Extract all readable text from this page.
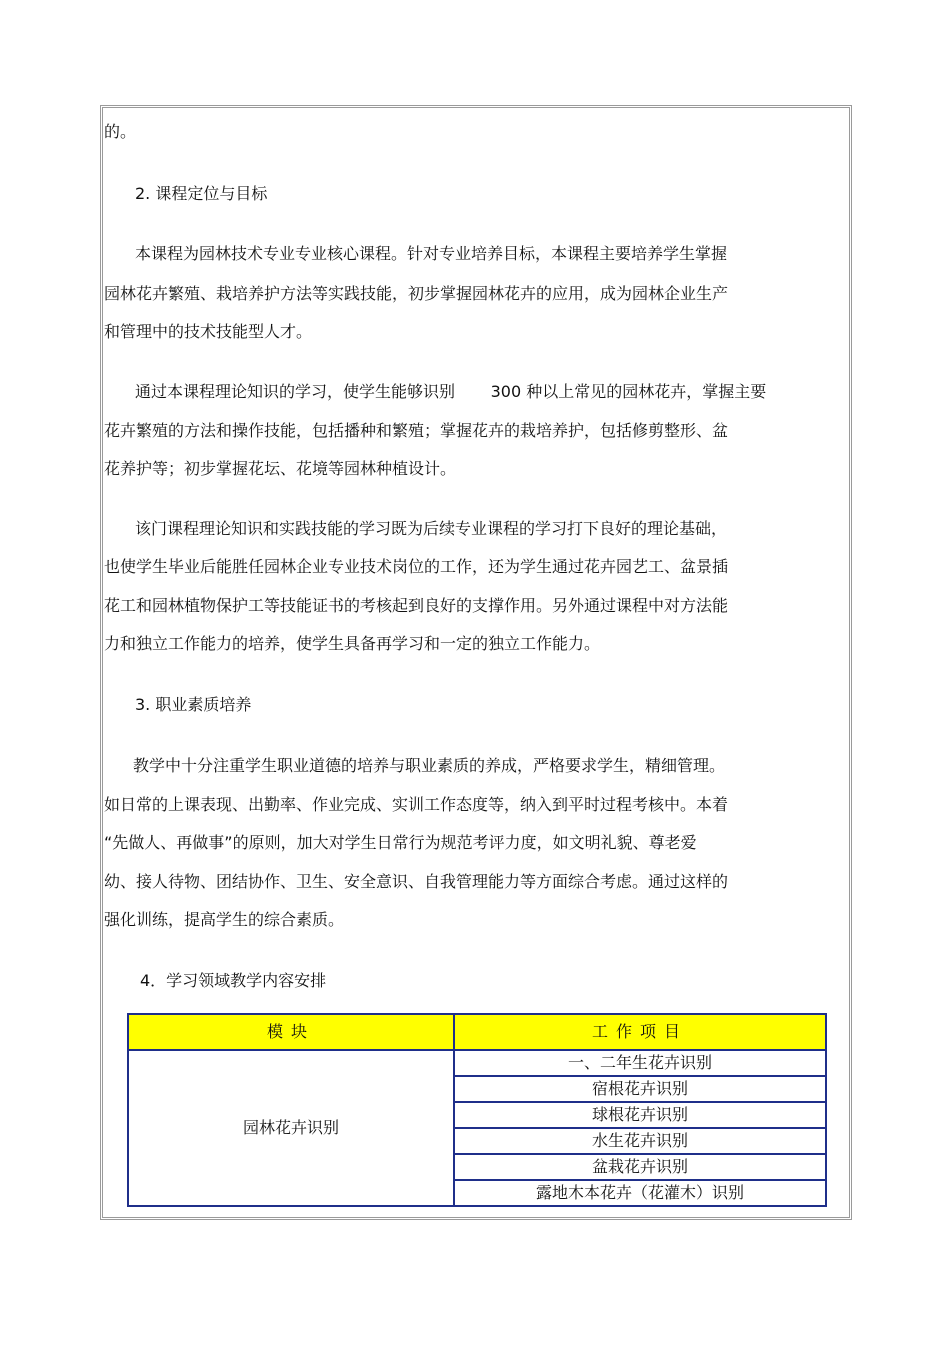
的。
2. 课程定位与目标
本课程为园林技术专业专业核心课程。针对专业培养目标，本课程主要培养学生掌握
园林花卉繁殖、栽培养护方法等实践技能，初步掌握园林花卉的应用，成为园林企业生产
和管理中的技术技能型人才。
通过本课程理论知识的学习，使学生能够识别       300 种以上常见的园林花卉，掌握主要
花卉繁殖的方法和操作技能，包括播种和繁殖；掌握花卉的栽培养护，包括修剪整形、盆
花养护等；初步掌握花坛、花境等园林种植设计。
该门课程理论知识和实践技能的学习既为后续专业课程的学习打下良好的理论基础，
也使学生毕业后能胜任园林企业专业技术岗位的工作，还为学生通过花卉园艺工、盆景插
花工和园林植物保护工等技能证书的考核起到良好的支撑作用。另外通过课程中对方法能
力和独立工作能力的培养，使学生具备再学习和一定的独立工作能力。
3. 职业素质培养
教学中十分注重学生职业道德的培养与职业素质的养成，严格要求学生，精细管理。
如日常的上课表现、出勤率、作业完成、实训工作态度等，纳入到平时过程考核中。本着
“先做人、再做事”的原则，加大对学生日常行为规范考评力度，如文明礼貌、尊老爱
幼、接人待物、团结协作、卫生、安全意识、自我管理能力等方面综合考虑。通过这样的
强化训练，提高学生的综合素质。
4．学习领域教学内容安排
模块	工作项目
园林花卉识别	一、二年生花卉识别
	宿根花卉识别
	球根花卉识别
	水生花卉识别
	盆栽花卉识别
	露地木本花卉（花灌木）识别
